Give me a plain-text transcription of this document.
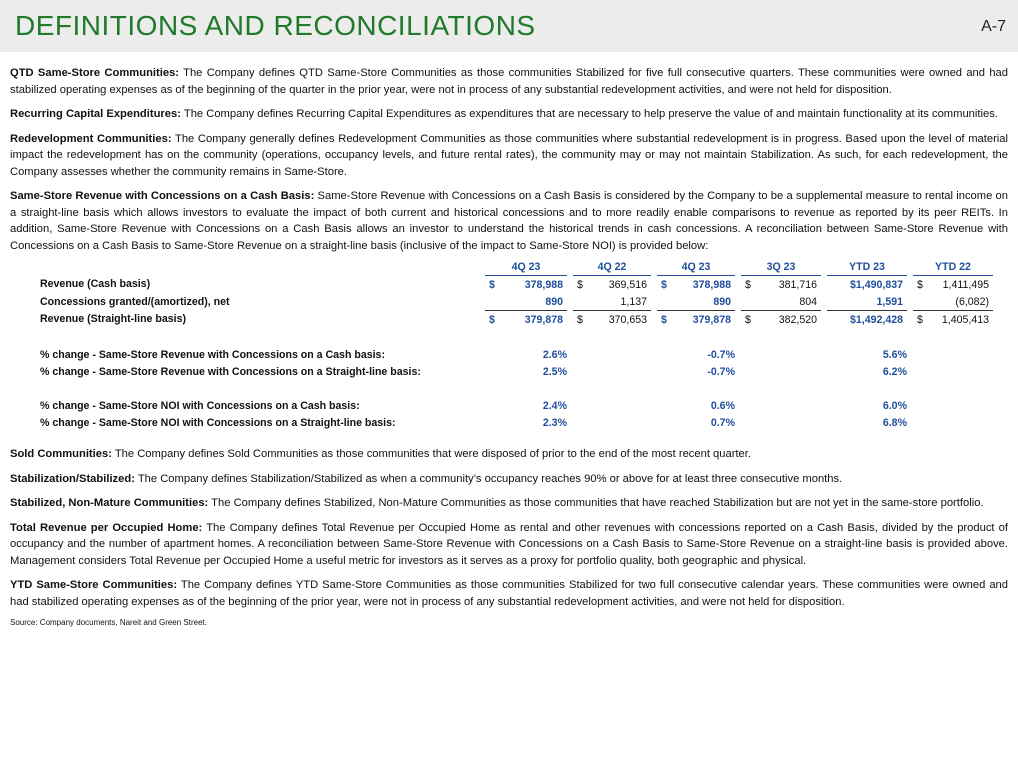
DEFINITIONS AND RECONCILIATIONS	A-7

QTD Same-Store Communities: The Company defines QTD Same-Store Communities as those communities Stabilized for five full consecutive quarters. These communities were owned and had stabilized operating expenses as of the beginning of the quarter in the prior year, were not in process of any substantial redevelopment activities, and were not held for disposition.

Recurring Capital Expenditures: The Company defines Recurring Capital Expenditures as expenditures that are necessary to help preserve the value of and maintain functionality at its communities.

Redevelopment Communities: The Company generally defines Redevelopment Communities as those communities where substantial redevelopment is in progress. Based upon the level of material impact the redevelopment has on the community (operations, occupancy levels, and future rental rates), the community may or may not maintain Stabilization. As such, for each redevelopment, the Company assesses whether the community remains in Same-Store.

Same-Store Revenue with Concessions on a Cash Basis: Same-Store Revenue with Concessions on a Cash Basis is considered by the Company to be a supplemental measure to rental income on a straight-line basis which allows investors to evaluate the impact of both current and historical concessions and to more readily enable comparisons to revenue as reported by its peer REITs. In addition, Same-Store Revenue with Concessions on a Cash Basis allows an investor to understand the historical trends in cash concessions. A reconciliation between Same-Store Revenue with Concessions on a Cash Basis to Same-Store Revenue on a straight-line basis (inclusive of the impact to Same-Store NOI) is provided below:

	4Q 23			4Q 22			4Q 23			3Q 23			YTD 23			YTD 22	
Revenue (Cash basis)	$	378,988		$	369,516		$	378,988		$	381,716			$1,490,837		$	1,411,495
Concessions granted/(amortized), net		890			1,137			890			804			1,591			(6,082)
Revenue (Straight-line basis)	$	379,878		$	370,653		$	379,878		$	382,520			$1,492,428		$	1,405,413

% change - Same-Store Revenue with Concessions on a Cash basis:	2.6%						-0.7%						5.6%				
% change - Same-Store Revenue with Concessions on a Straight-line basis:	2.5%						-0.7%						6.2%				

% change - Same-Store NOI with Concessions on a Cash basis:	2.4%						0.6%						6.0%				
% change - Same-Store NOI with Concessions on a Straight-line basis:	2.3%						0.7%						6.8%				

Sold Communities: The Company defines Sold Communities as those communities that were disposed of prior to the end of the most recent quarter.

Stabilization/Stabilized: The Company defines Stabilization/Stabilized as when a community’s occupancy reaches 90% or above for at least three consecutive months.

Stabilized, Non-Mature Communities: The Company defines Stabilized, Non-Mature Communities as those communities that have reached Stabilization but are not yet in the same-store portfolio.

Total Revenue per Occupied Home: The Company defines Total Revenue per Occupied Home as rental and other revenues with concessions reported on a Cash Basis, divided by the product of occupancy and the number of apartment homes. A reconciliation between Same-Store Revenue with Concessions on a Cash Basis to Same-Store Revenue on a straight-line basis is provided above. Management considers Total Revenue per Occupied Home a useful metric for investors as it serves as a proxy for portfolio quality, both geographic and physical.

YTD Same-Store Communities: The Company defines YTD Same-Store Communities as those communities Stabilized for two full consecutive calendar years. These communities were owned and had stabilized operating expenses as of the beginning of the prior year, were not in process of any substantial redevelopment activities, and were not held for disposition.

Source: Company documents, Nareit and Green Street.
